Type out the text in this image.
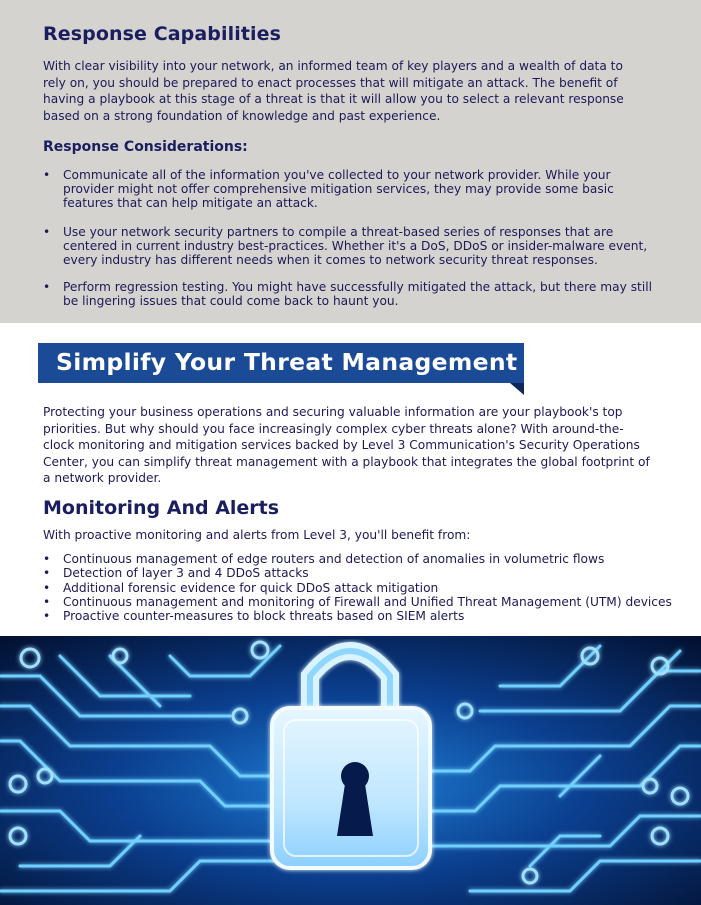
Response Capabilities

With clear visibility into your network, an informed team of key players and a wealth of data to rely on, you should be prepared to enact processes that will mitigate an attack. The benefit of having a playbook at this stage of a threat is that it will allow you to select a relevant response based on a strong foundation of knowledge and past experience.

Response Considerations:
•	Communicate all of the information you've collected to your network provider. While your provider might not offer comprehensive mitigation services, they may provide some basic features that can help mitigate an attack.
•	Use your network security partners to compile a threat-based series of responses that are centered in current industry best-practices. Whether it's a DoS, DDoS or insider-malware event, every industry has different needs when it comes to network security threat responses.
•	Perform regression testing. You might have successfully mitigated the attack, but there may still be lingering issues that could come back to haunt you.
Simplify Your Threat Management

Protecting your business operations and securing valuable information are your playbook's top priorities. But why should you face increasingly complex cyber threats alone? With around-the-clock monitoring and mitigation services backed by Level 3 Communication's Security Operations Center, you can simplify threat management with a playbook that integrates the global footprint of a network provider.

Monitoring And Alerts

With proactive monitoring and alerts from Level 3, you'll benefit from:

• Continuous management of edge routers and detection of anomalies in volumetric flows
• Detection of layer 3 and 4 DDoS attacks
• Additional forensic evidence for quick DDoS attack mitigation
• Continuous management and monitoring of Firewall and Unified Threat Management (UTM) devices
• Proactive counter-measures to block threats based on SIEM alerts
